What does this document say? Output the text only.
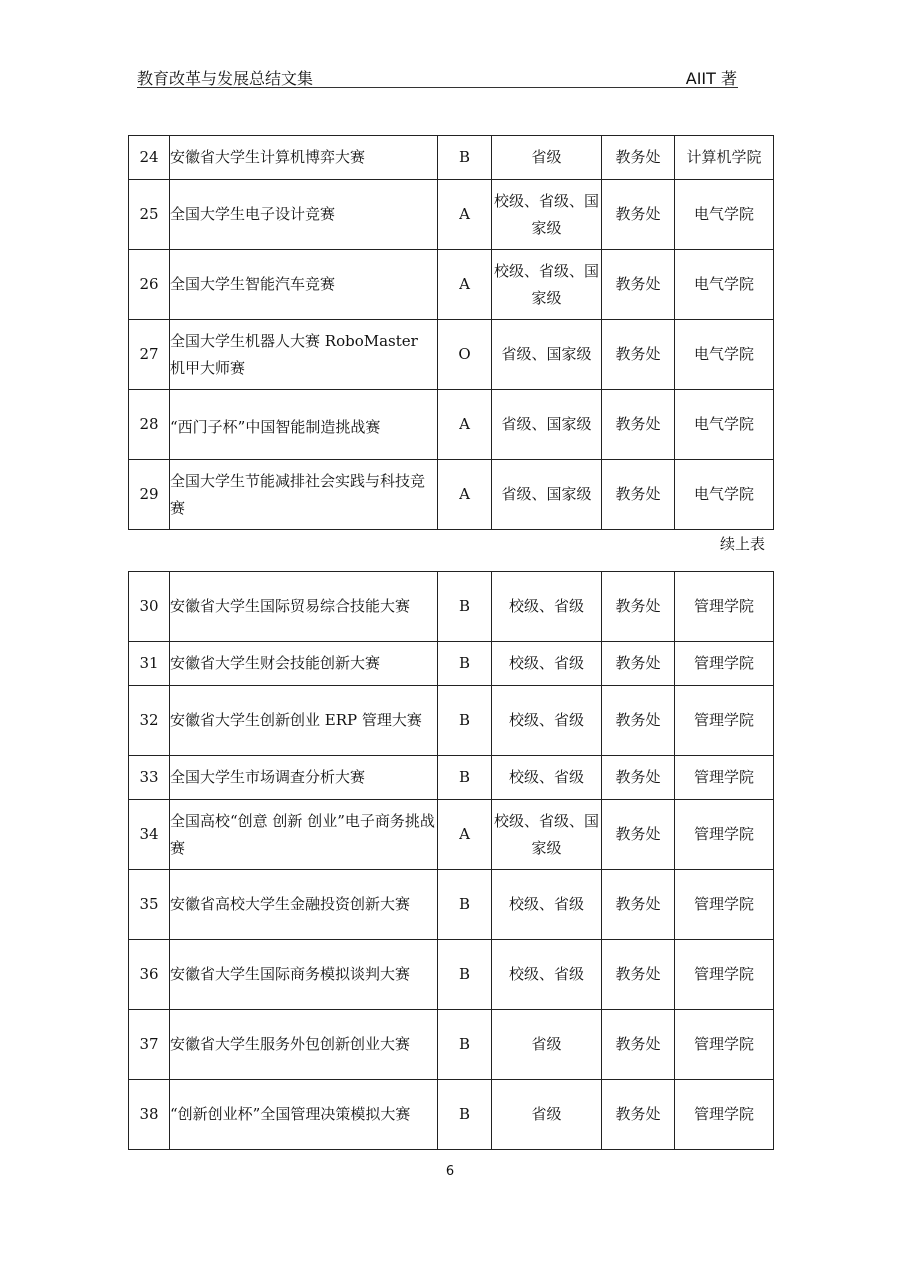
教育改革与发展总结文集	AIIT 著
24	安徽省大学生计算机博弈大赛	B	省级	教务处	计算机学院
25	全国大学生电子设计竞赛	A	校级、省级、国家级	教务处	电气学院
26	全国大学生智能汽车竞赛	A	校级、省级、国家级	教务处	电气学院
27	全国大学生机器人大赛 RoboMaster 机甲大师赛	O	省级、国家级	教务处	电气学院
28	“西门子杯”中国智能制造挑战赛	A	省级、国家级	教务处	电气学院
29	全国大学生节能减排社会实践与科技竞赛	A	省级、国家级	教务处	电气学院
续上表
30	安徽省大学生国际贸易综合技能大赛	B	校级、省级	教务处	管理学院
31	安徽省大学生财会技能创新大赛	B	校级、省级	教务处	管理学院
32	安徽省大学生创新创业 ERP 管理大赛	B	校级、省级	教务处	管理学院
33	全国大学生市场调查分析大赛	B	校级、省级	教务处	管理学院
34	全国高校“创意 创新 创业”电子商务挑战赛	A	校级、省级、国家级	教务处	管理学院
35	安徽省高校大学生金融投资创新大赛	B	校级、省级	教务处	管理学院
36	安徽省大学生国际商务模拟谈判大赛	B	校级、省级	教务处	管理学院
37	安徽省大学生服务外包创新创业大赛	B	省级	教务处	管理学院
38	“创新创业杯”全国管理决策模拟大赛	B	省级	教务处	管理学院
6
